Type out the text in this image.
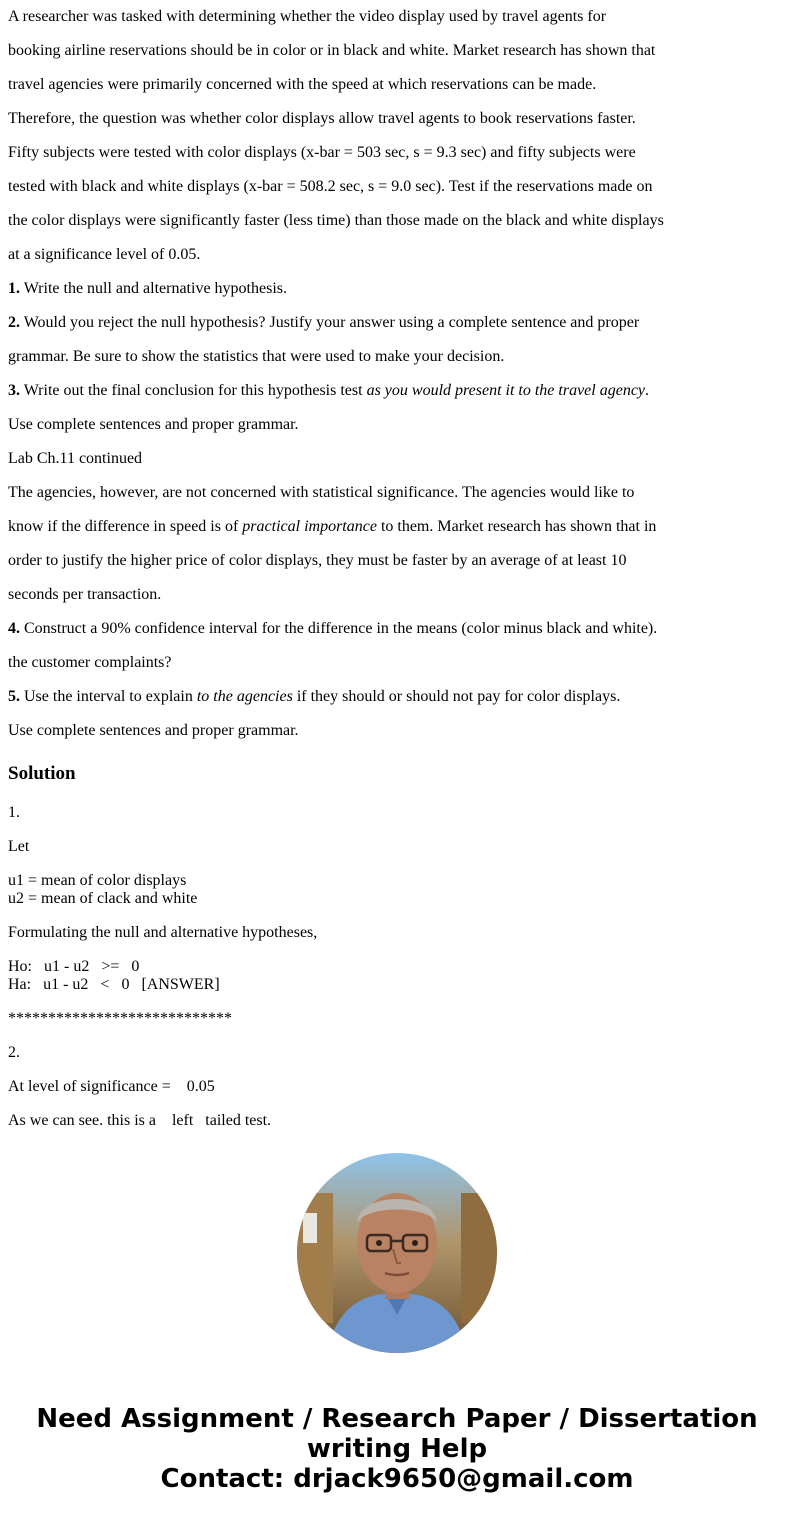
A researcher was tasked with determining whether the video display used by travel agents for

booking airline reservations should be in color or in black and white. Market research has shown that

travel agencies were primarily concerned with the speed at which reservations can be made.

Therefore, the question was whether color displays allow travel agents to book reservations faster.

Fifty subjects were tested with color displays (x-bar = 503 sec, s = 9.3 sec) and fifty subjects were

tested with black and white displays (x-bar = 508.2 sec, s = 9.0 sec). Test if the reservations made on

the color displays were significantly faster (less time) than those made on the black and white displays

at a significance level of 0.05.

1. Write the null and alternative hypothesis.

2. Would you reject the null hypothesis? Justify your answer using a complete sentence and proper

grammar. Be sure to show the statistics that were used to make your decision.

3. Write out the final conclusion for this hypothesis test as you would present it to the travel agency.

Use complete sentences and proper grammar.

Lab Ch.11 continued

The agencies, however, are not concerned with statistical significance. The agencies would like to

know if the difference in speed is of practical importance to them. Market research has shown that in

order to justify the higher price of color displays, they must be faster by an average of at least 10

seconds per transaction.

4. Construct a 90% confidence interval for the difference in the means (color minus black and white).

the customer complaints?

5. Use the interval to explain to the agencies if they should or should not pay for color displays.

Use complete sentences and proper grammar.

Solution

1.

Let

u1 = mean of color displays
u2 = mean of clack and white

Formulating the null and alternative hypotheses,

Ho:   u1 - u2   >=   0
Ha:   u1 - u2   <   0   [ANSWER]

****************************

2.

At level of significance =    0.05

As we can see. this is a    left   tailed test.

Need Assignment / Research Paper / Dissertation
writing Help
Contact: drjack9650@gmail.com
